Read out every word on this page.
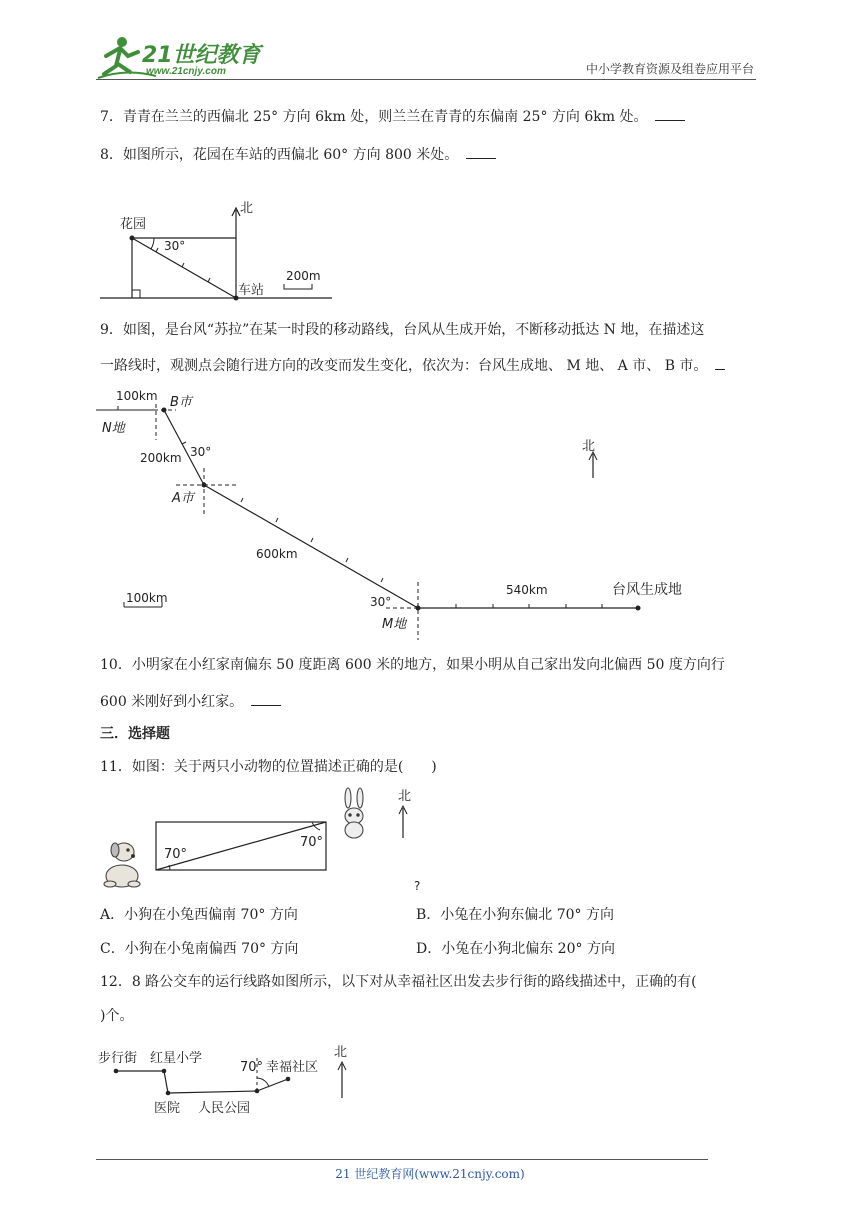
21世纪教育
www.21cnjy.com	中小学教育资源及组卷应用平台
7．青青在兰兰的西偏北 25° 方向 6km 处，则兰兰在青青的东偏南 25° 方向 6km 处。
8．如图所示，花园在车站的西偏北 60° 方向 800 米处。
北
花园
30°
车站
200m
9．如图，是台风“苏拉”在某一时段的移动路线，台风从生成开始，不断移动抵达 N 地，在描述这
一路线时，观测点会随行进方向的改变而发生变化，依次为：台风生成地、 M 地、 A 市、 B 市。
100km B市
N地
200km 30°
A市
600km
北
540km	台风生成地
100km	30°
M地
10．小明家在小红家南偏东 50 度距离 600 米的地方，如果小明从自己家出发向北偏西 50 度方向行
600 米刚好到小红家。
三．选择题
11．如图：关于两只小动物的位置描述正确的是(　　)
70°
70°
北
?
A．小狗在小兔西偏南 70° 方向	B．小兔在小狗东偏北 70° 方向
C．小狗在小兔南偏西 70° 方向	D．小兔在小狗北偏东 20° 方向
12．8 路公交车的运行线路如图所示，以下对从幸福社区出发去步行街的路线描述中，正确的有(
)个。
北
步行街 红星小学
70° 幸福社区
医院 人民公园
21 世纪教育网(www.21cnjy.com)
